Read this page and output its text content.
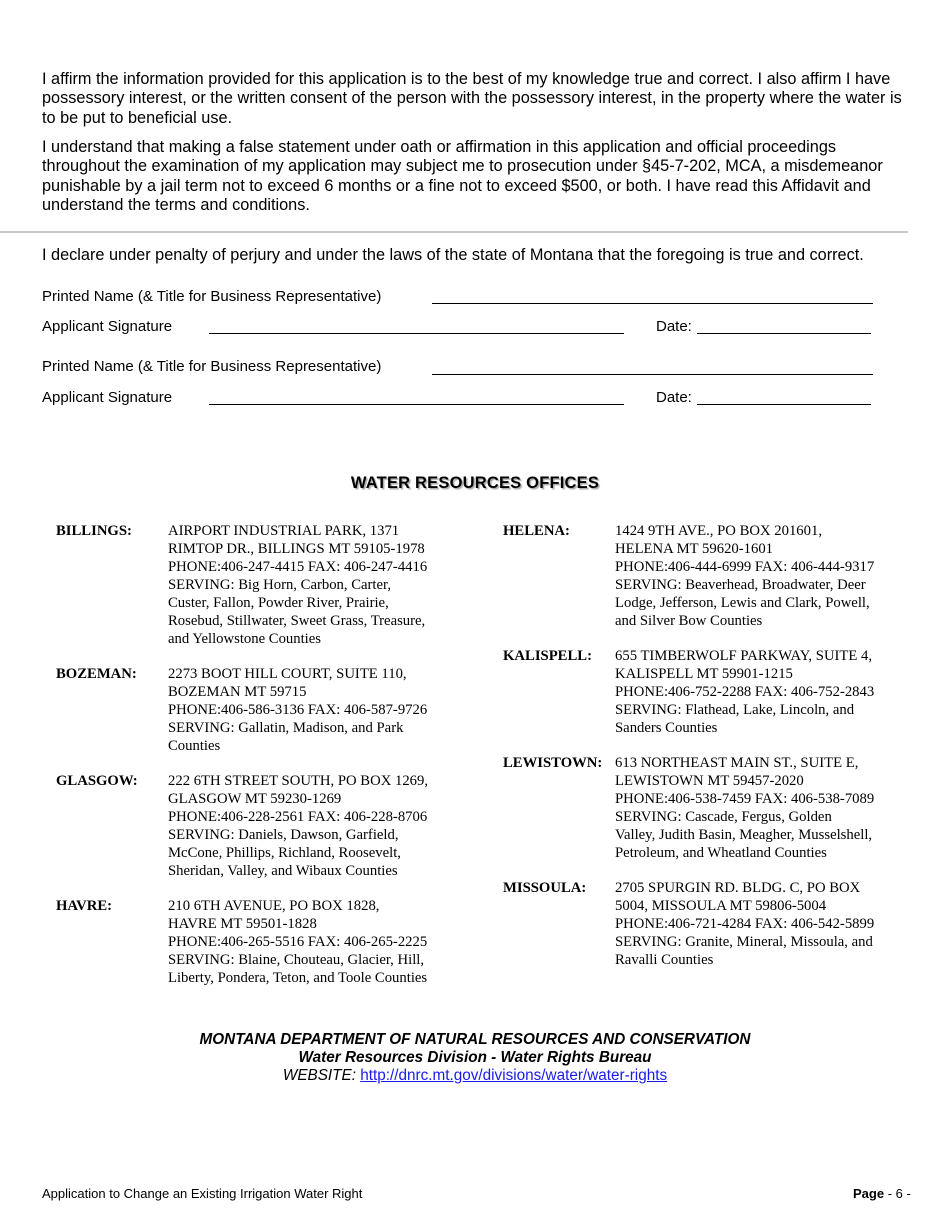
I affirm the information provided for this application is to the best of my knowledge true and correct. I also affirm I have possessory interest, or the written consent of the person with the possessory interest, in the property where the water is to be put to beneficial use.

I understand that making a false statement under oath or affirmation in this application and official proceedings throughout the examination of my application may subject me to prosecution under §45-7-202, MCA, a misdemeanor punishable by a jail term not to exceed 6 months or a fine not to exceed $500, or both. I have read this Affidavit and understand the terms and conditions.

I declare under penalty of perjury and under the laws of the state of Montana that the foregoing is true and correct.

Printed Name (& Title for Business Representative)
Applicant Signature	Date:
Printed Name (& Title for Business Representative)
Applicant Signature	Date:
WATER RESOURCES OFFICES
BILLINGS: AIRPORT INDUSTRIAL PARK, 1371
RIMTOP DR., BILLINGS MT 59105-1978
PHONE:406-247-4415 FAX: 406-247-4416
SERVING: Big Horn, Carbon, Carter,
Custer, Fallon, Powder River, Prairie,
Rosebud, Stillwater, Sweet Grass, Treasure,
and Yellowstone Counties
BOZEMAN: 2273 BOOT HILL COURT, SUITE 110,
BOZEMAN MT 59715
PHONE:406-586-3136 FAX: 406-587-9726
SERVING: Gallatin, Madison, and Park
Counties
GLASGOW: 222 6TH STREET SOUTH, PO BOX 1269,
GLASGOW MT 59230-1269
PHONE:406-228-2561 FAX: 406-228-8706
SERVING: Daniels, Dawson, Garfield,
McCone, Phillips, Richland, Roosevelt,
Sheridan, Valley, and Wibaux Counties
HAVRE:	210 6TH AVENUE, PO BOX 1828,
HAVRE MT 59501-1828
PHONE:406-265-5516 FAX: 406-265-2225
SERVING: Blaine, Chouteau, Glacier, Hill,
Liberty, Pondera, Teton, and Toole Counties
HELENA:	1424 9TH AVE., PO BOX 201601,
HELENA MT 59620-1601
PHONE:406-444-6999 FAX: 406-444-9317
SERVING: Beaverhead, Broadwater, Deer
Lodge, Jefferson, Lewis and Clark, Powell,
and Silver Bow Counties
KALISPELL: 655 TIMBERWOLF PARKWAY, SUITE 4,
KALISPELL MT 59901-1215
PHONE:406-752-2288 FAX: 406-752-2843
SERVING: Flathead, Lake, Lincoln, and
Sanders Counties
LEWISTOWN: 613 NORTHEAST MAIN ST., SUITE E,
LEWISTOWN MT 59457-2020
PHONE:406-538-7459 FAX: 406-538-7089
SERVING: Cascade, Fergus, Golden
Valley, Judith Basin, Meagher, Musselshell,
Petroleum, and Wheatland Counties
MISSOULA: 2705 SPURGIN RD. BLDG. C, PO BOX
5004, MISSOULA MT 59806-5004
PHONE:406-721-4284 FAX: 406-542-5899
SERVING: Granite, Mineral, Missoula, and
Ravalli Counties
MONTANA DEPARTMENT OF NATURAL RESOURCES AND CONSERVATION
Water Resources Division - Water Rights Bureau
WEBSITE: http://dnrc.mt.gov/divisions/water/water-rights
Application to Change an Existing Irrigation Water Right	Page - 6 -
